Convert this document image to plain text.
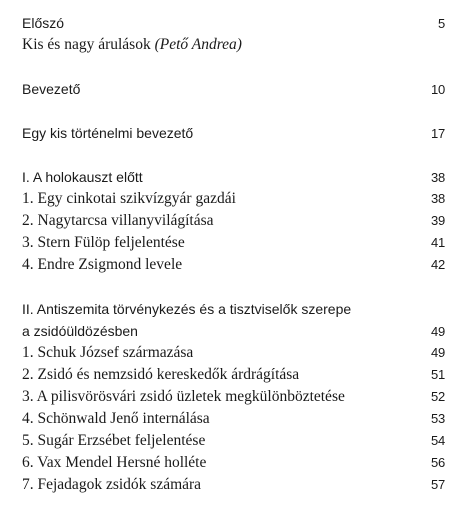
Előszó	5
Kis és nagy árulások (Pető Andrea)
Bevezető	10
Egy kis történelmi bevezető	17
I. A holokauszt előtt	38
1. Egy cinkotai szikvízgyár gazdái	38
2. Nagytarcsa villanyvilágítása	39
3. Stern Fülöp feljelentése	41
4. Endre Zsigmond levele	42
II. Antiszemita törvénykezés és a tisztviselők szerepe
a zsidóüldözésben	49
1. Schuk József származása	49
2. Zsidó és nemzsidó kereskedők árdrágítása	51
3. A pilisvörösvári zsidó üzletek megkülönböztetése	52
4. Schönwald Jenő internálása	53
5. Sugár Erzsébet feljelentése	54
6. Vax Mendel Hersné holléte	56
7. Fejadagok zsidók számára	57
